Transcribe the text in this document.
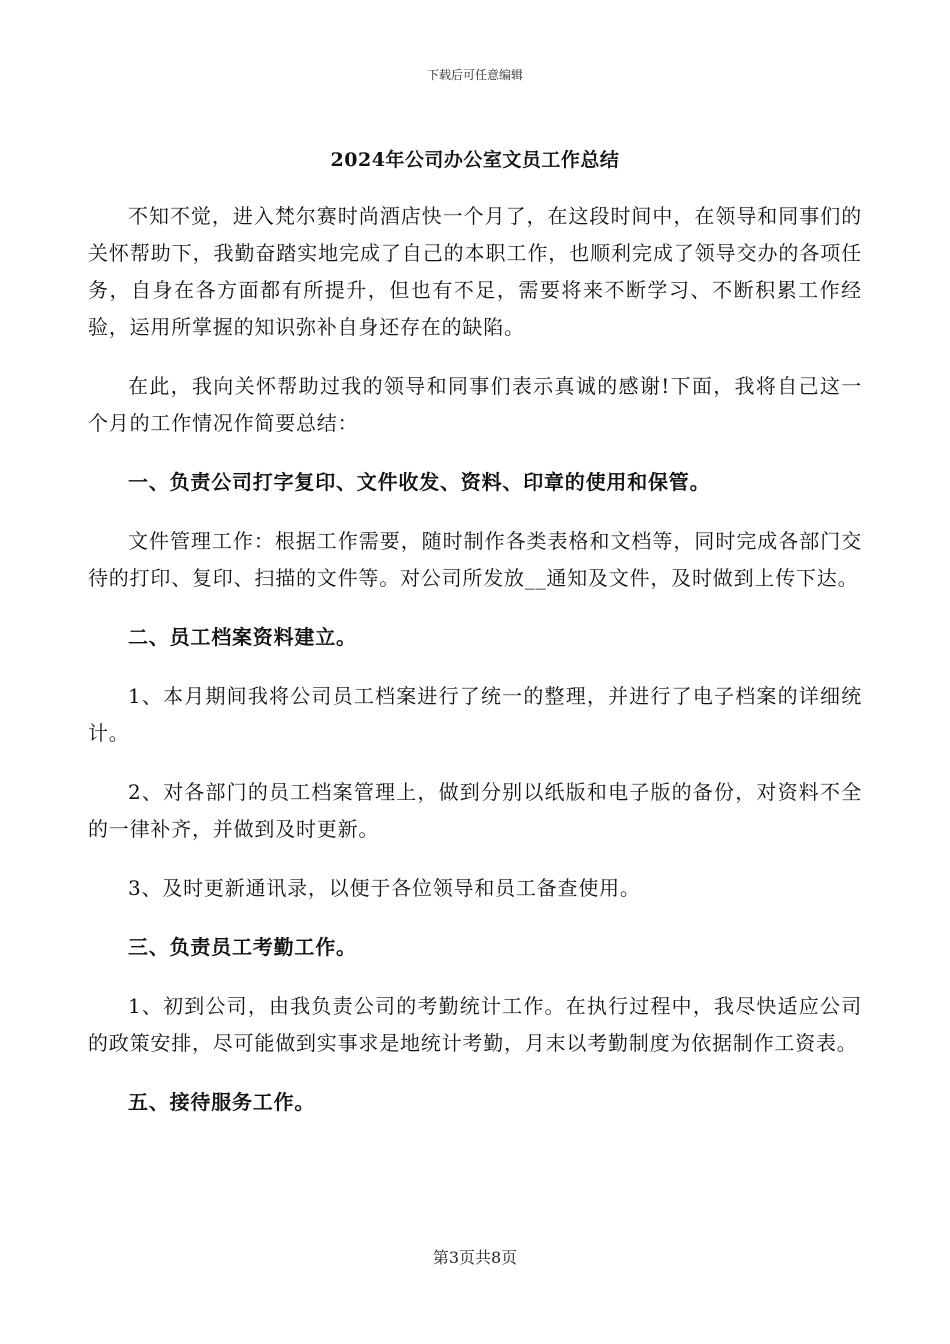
下载后可任意编辑
2024年公司办公室文员工作总结

不知不觉，进入梵尔赛时尚酒店快一个月了，在这段时间中，在领导和同事们的关怀帮助下，我勤奋踏实地完成了自己的本职工作，也顺利完成了领导交办的各项任务，自身在各方面都有所提升，但也有不足，需要将来不断学习、不断积累工作经验，运用所掌握的知识弥补自身还存在的缺陷。

在此，我向关怀帮助过我的领导和同事们表示真诚的感谢!下面，我将自己这一个月的工作情况作简要总结：

一、负责公司打字复印、文件收发、资料、印章的使用和保管。

文件管理工作：根据工作需要，随时制作各类表格和文档等，同时完成各部门交待的打印、复印、扫描的文件等。对公司所发放__通知及文件，及时做到上传下达。

二、员工档案资料建立。

1、本月期间我将公司员工档案进行了统一的整理，并进行了电子档案的详细统计。

2、对各部门的员工档案管理上，做到分别以纸版和电子版的备份，对资料不全的一律补齐，并做到及时更新。

3、及时更新通讯录，以便于各位领导和员工备查使用。

三、负责员工考勤工作。

1、初到公司，由我负责公司的考勤统计工作。在执行过程中，我尽快适应公司的政策安排，尽可能做到实事求是地统计考勤，月末以考勤制度为依据制作工资表。

五、接待服务工作。

第3页共8页
